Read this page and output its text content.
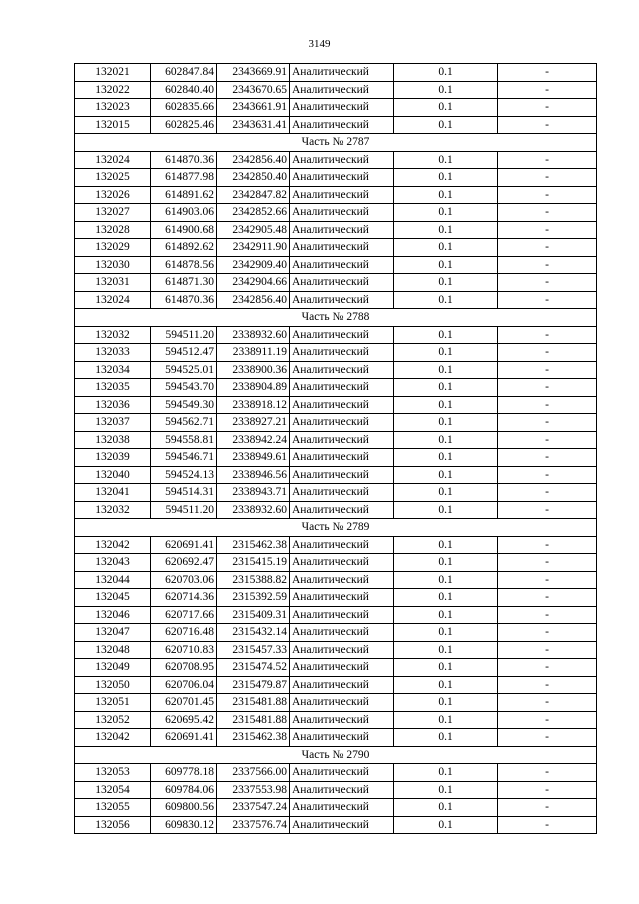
3149
132021	602847.84	2343669.91	Аналитический	0.1	-
132022	602840.40	2343670.65	Аналитический	0.1	-
132023	602835.66	2343661.91	Аналитический	0.1	-
132015	602825.46	2343631.41	Аналитический	0.1	-
Часть № 2787					
132024	614870.36	2342856.40	Аналитический	0.1	-
132025	614877.98	2342850.40	Аналитический	0.1	-
132026	614891.62	2342847.82	Аналитический	0.1	-
132027	614903.06	2342852.66	Аналитический	0.1	-
132028	614900.68	2342905.48	Аналитический	0.1	-
132029	614892.62	2342911.90	Аналитический	0.1	-
132030	614878.56	2342909.40	Аналитический	0.1	-
132031	614871.30	2342904.66	Аналитический	0.1	-
132024	614870.36	2342856.40	Аналитический	0.1	-
Часть № 2788					
132032	594511.20	2338932.60	Аналитический	0.1	-
132033	594512.47	2338911.19	Аналитический	0.1	-
132034	594525.01	2338900.36	Аналитический	0.1	-
132035	594543.70	2338904.89	Аналитический	0.1	-
132036	594549.30	2338918.12	Аналитический	0.1	-
132037	594562.71	2338927.21	Аналитический	0.1	-
132038	594558.81	2338942.24	Аналитический	0.1	-
132039	594546.71	2338949.61	Аналитический	0.1	-
132040	594524.13	2338946.56	Аналитический	0.1	-
132041	594514.31	2338943.71	Аналитический	0.1	-
132032	594511.20	2338932.60	Аналитический	0.1	-
Часть № 2789					
132042	620691.41	2315462.38	Аналитический	0.1	-
132043	620692.47	2315415.19	Аналитический	0.1	-
132044	620703.06	2315388.82	Аналитический	0.1	-
132045	620714.36	2315392.59	Аналитический	0.1	-
132046	620717.66	2315409.31	Аналитический	0.1	-
132047	620716.48	2315432.14	Аналитический	0.1	-
132048	620710.83	2315457.33	Аналитический	0.1	-
132049	620708.95	2315474.52	Аналитический	0.1	-
132050	620706.04	2315479.87	Аналитический	0.1	-
132051	620701.45	2315481.88	Аналитический	0.1	-
132052	620695.42	2315481.88	Аналитический	0.1	-
132042	620691.41	2315462.38	Аналитический	0.1	-
Часть № 2790					
132053	609778.18	2337566.00	Аналитический	0.1	-
132054	609784.06	2337553.98	Аналитический	0.1	-
132055	609800.56	2337547.24	Аналитический	0.1	-
132056	609830.12	2337576.74	Аналитический	0.1	-
